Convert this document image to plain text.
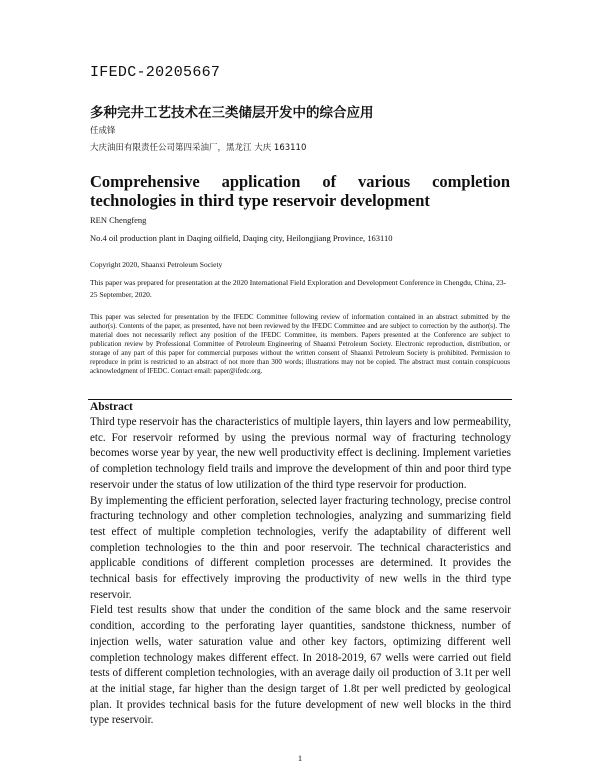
IFEDC-20205667
多种完井工艺技术在三类储层开发中的综合应用
任成锋
大庆油田有限责任公司第四采油厂，黑龙江 大庆 163110
Comprehensive application of various completion technologies in third type reservoir development
REN Chengfeng
No.4 oil production plant in Daqing oilfield, Daqing city, Heilongjiang Province, 163110
Copyright 2020, Shaanxi Petroleum Society
This paper was prepared for presentation at the 2020 International Field Exploration and Development Conference in Chengdu, China, 23-25 September, 2020.
This paper was selected for presentation by the IFEDC Committee following review of information contained in an abstract submitted by the author(s). Contents of the paper, as presented, have not been reviewed by the IFEDC Committee and are subject to correction by the author(s). The material does not necessarily reflect any position of the IFEDC Committee, its members. Papers presented at the Conference are subject to publication review by Professional Committee of Petroleum Engineering of Shaanxi Petroleum Society. Electronic reproduction, distribution, or storage of any part of this paper for commercial purposes without the written consent of Shaanxi Petroleum Society is prohibited. Permission to reproduce in print is restricted to an abstract of not more than 300 words; illustrations may not be copied. The abstract must contain conspicuous acknowledgment of IFEDC. Contact email: paper@ifedc.org.
Abstract

Third type reservoir has the characteristics of multiple layers, thin layers and low permeability, etc. For reservoir reformed by using the previous normal way of fracturing technology becomes worse year by year, the new well productivity effect is declining. Implement varieties of completion technology field trails and improve the development of thin and poor third type reservoir under the status of low utilization of the third type reservoir for production.

By implementing the efficient perforation, selected layer fracturing technology, precise control fracturing technology and other completion technologies, analyzing and summarizing field test effect of multiple completion technologies, verify the adaptability of different well completion technologies to the thin and poor reservoir. The technical characteristics and applicable conditions of different completion processes are determined. It provides the technical basis for effectively improving the productivity of new wells in the third type reservoir.

Field test results show that under the condition of the same block and the same reservoir condition, according to the perforating layer quantities, sandstone thickness, number of injection wells, water saturation value and other key factors, optimizing different well completion technology makes different effect. In 2018-2019, 67 wells were carried out field tests of different completion technologies, with an average daily oil production of 3.1t per well at the initial stage, far higher than the design target of 1.8t per well predicted by geological plan. It provides technical basis for the future development of new well blocks in the third type reservoir.

1
